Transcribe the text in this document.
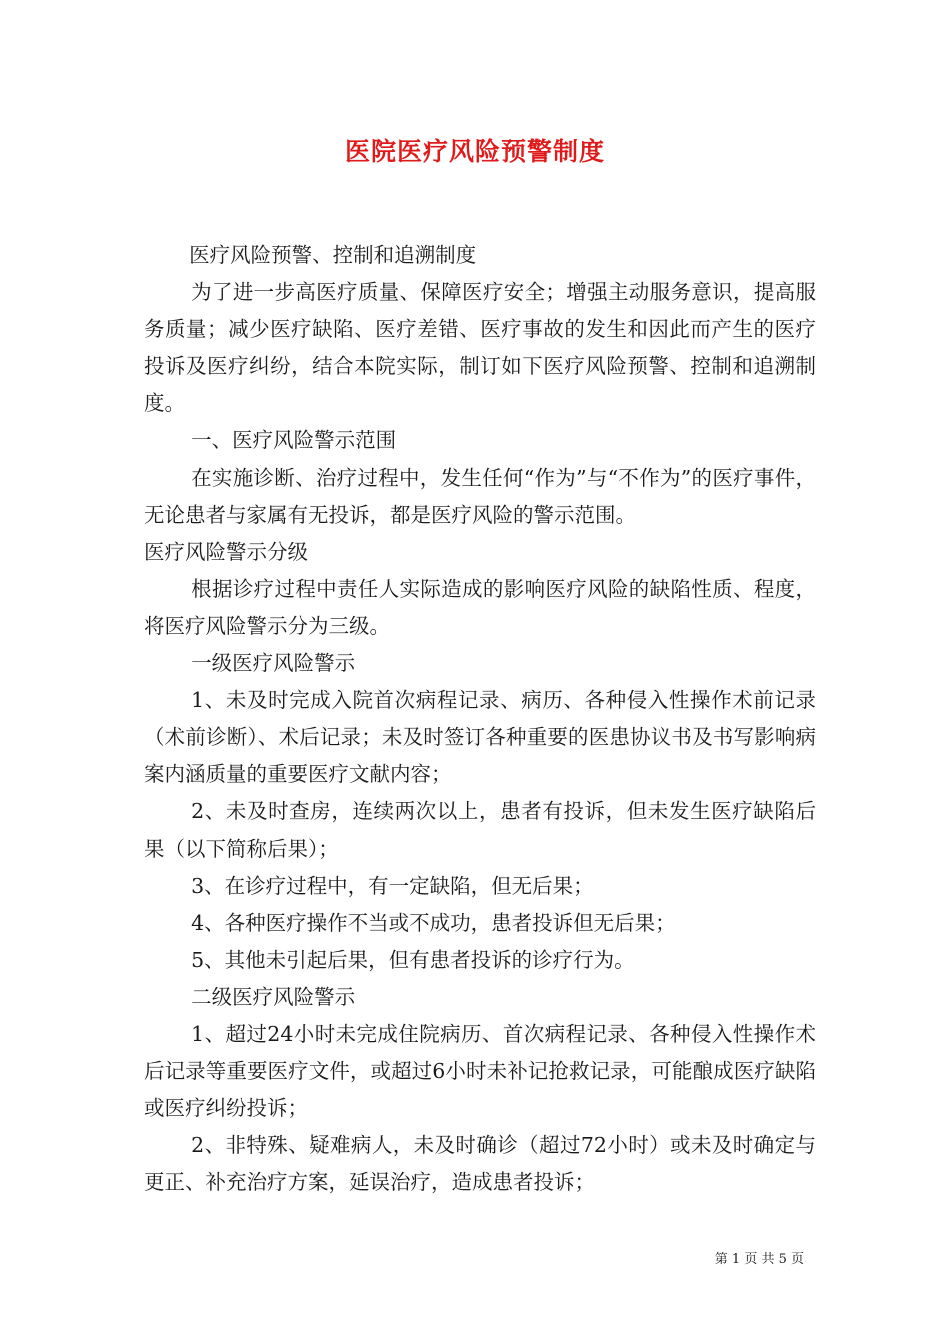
医院医疗风险预警制度

医疗风险预警、控制和追溯制度

为了进一步高医疗质量、保障医疗安全；增强主动服务意识，提高服务质量；减少医疗缺陷、医疗差错、医疗事故的发生和因此而产生的医疗投诉及医疗纠纷，结合本院实际，制订如下医疗风险预警、控制和追溯制度。

一、医疗风险警示范围

在实施诊断、治疗过程中，发生任何“作为”与“不作为”的医疗事件，无论患者与家属有无投诉，都是医疗风险的警示范围。

医疗风险警示分级

根据诊疗过程中责任人实际造成的影响医疗风险的缺陷性质、程度，将医疗风险警示分为三级。

一级医疗风险警示

1、未及时完成入院首次病程记录、病历、各种侵入性操作术前记录（术前诊断）、术后记录；未及时签订各种重要的医患协议书及书写影响病案内涵质量的重要医疗文献内容；

2、未及时查房，连续两次以上，患者有投诉，但未发生医疗缺陷后果（以下简称后果）；

3、在诊疗过程中，有一定缺陷，但无后果；

4、各种医疗操作不当或不成功，患者投诉但无后果；

5、其他未引起后果，但有患者投诉的诊疗行为。

二级医疗风险警示

1、超过24小时未完成住院病历、首次病程记录、各种侵入性操作术后记录等重要医疗文件，或超过6小时未补记抢救记录，可能酿成医疗缺陷或医疗纠纷投诉；

2、非特殊、疑难病人，未及时确诊（超过72小时）或未及时确定与更正、补充治疗方案，延误治疗，造成患者投诉；

第 1 页 共 5 页
